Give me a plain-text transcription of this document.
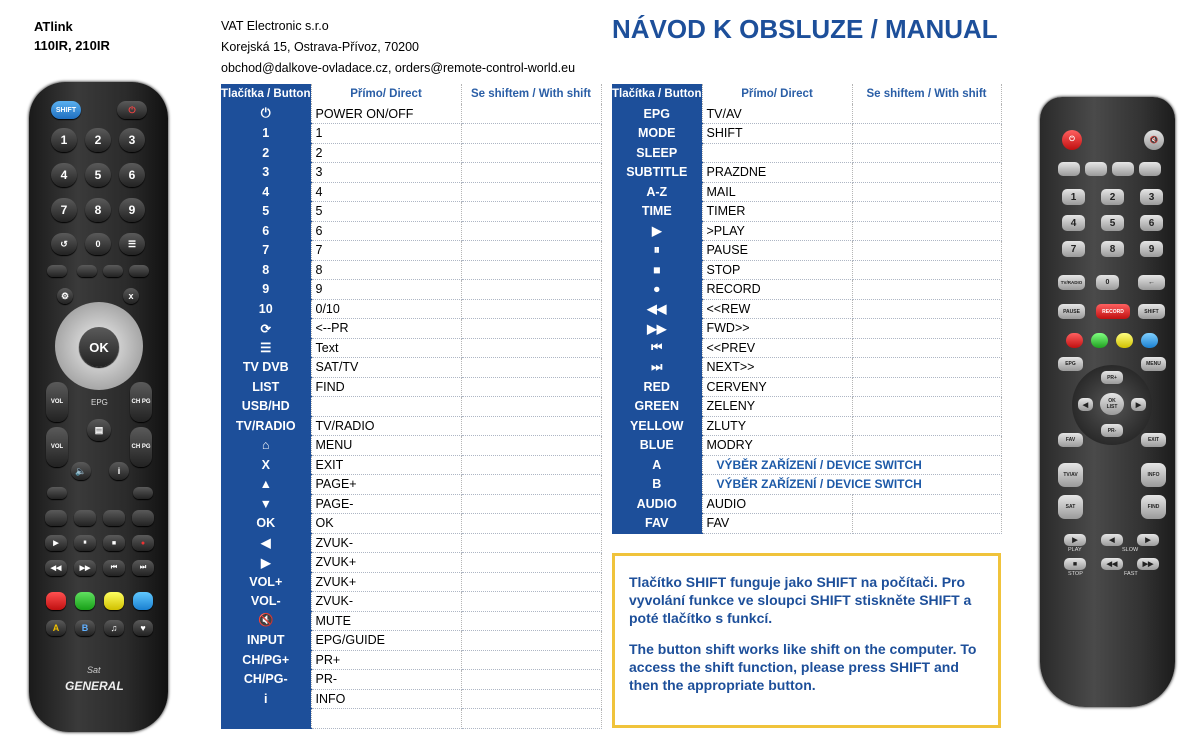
ATlink
110IR, 210IR
VAT Electronic s.r.o
Korejská 15, Ostrava-Přívoz, 70200
obchod@dalkove-ovladace.cz, orders@remote-control-world.eu
NÁVOD K OBSLUZE / MANUAL
Tlačítka / Button	Přímo/ Direct	Se shiftem / With shift
⏻	POWER ON/OFF	
1	1	
2	2	
3	3	
4	4	
5	5	
6	6	
7	7	
8	8	
9	9	
10	0/10	
⟳	<--PR	
☰	Text	
TV DVB	SAT/TV	
LIST	FIND	
USB/HD		
TV/RADIO	TV/RADIO	
⌂	MENU	
X	EXIT	
▲	PAGE+	
▼	PAGE-	
OK	OK	
◀	ZVUK-	
▶	ZVUK+	
VOL+	ZVUK+	
VOL-	ZVUK-	
🔇	MUTE	
INPUT	EPG/GUIDE	
CH/PG+	PR+	
CH/PG-	PR-	
i	INFO	

Tlačítka / Button	Přímo/ Direct	Se shiftem / With shift
EPG	TV/AV	
MODE	SHIFT	
SLEEP		
SUBTITLE	PRAZDNE	
A-Z	MAIL	
TIME	TIMER	
▶	>PLAY	
⏸	PAUSE	
■	STOP	
●	RECORD	
◀◀	<<REW	
▶▶	FWD>>	
⏮	<<PREV	
⏭	NEXT>>	
RED	CERVENY	
GREEN	ZELENY	
YELLOW	ZLUTY	
BLUE	MODRY	
A	VÝBĚR ZAŘÍZENÍ / DEVICE SWITCH	
B	VÝBĚR ZAŘÍZENÍ / DEVICE SWITCH	
AUDIO	AUDIO	
FAV	FAV	

Tlačítko SHIFT funguje jako SHIFT na počítači. Pro vyvolání funkce ve sloupci SHIFT stiskněte SHIFT a poté tlačítko s funkcí.

The button shift works like shift on the computer. To access the shift function, please press SHIFT and then the appropriate button.

SHIFT	⏻
1	2	3
4	5	6
7	8	9
↺	0	☰
⚙	x
OK
VOL	CH PG
EPG
▤
VOL	CH PG
🔈	i
▶	⏸	■	●
◀◀	▶▶	⏮	⏭
A	B	♫	♥
Sat
GENERAL
⏻	🔇
1	2	3
4	5	6
7	8	9
TV/RADIO	0	←
PAUSE	RECORD	SHIFT
EPG	MENU
PR+
PR-
◀	▶
OK
LIST
FAV	EXIT
TV/AV	INFO
SAT	FIND
▶	◀	▶
PLAY	SLOW
■	◀◀	▶▶
STOP	FAST
